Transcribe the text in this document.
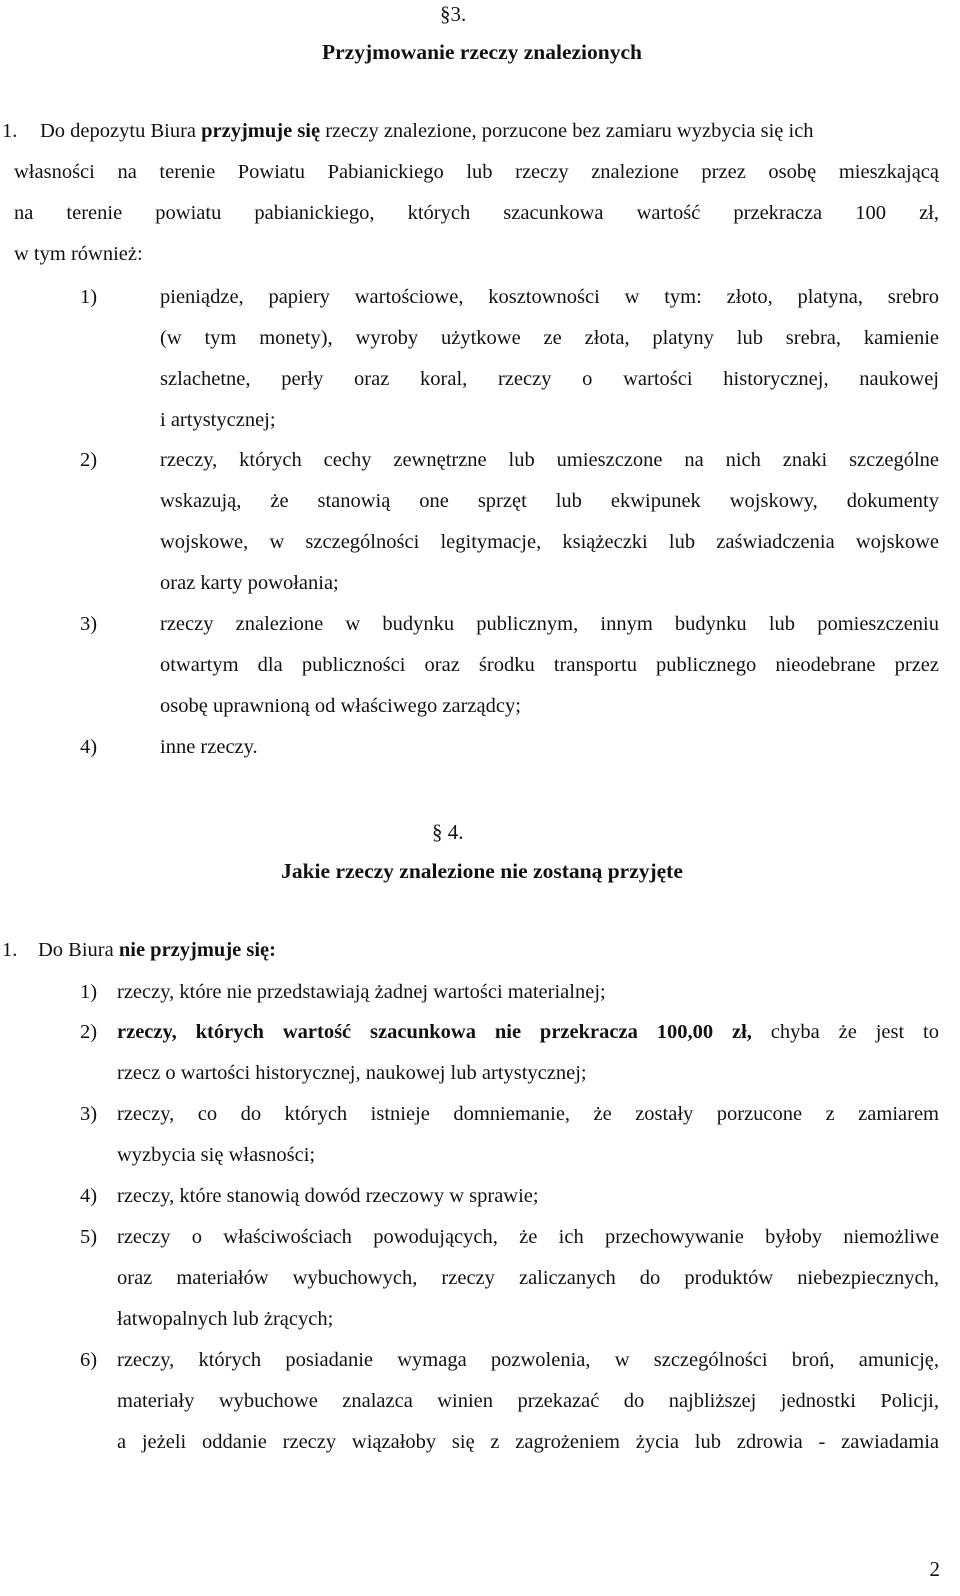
§3.
Przyjmowanie rzeczy znalezionych
1. Do depozytu Biura przyjmuje się rzeczy znalezione, porzucone bez zamiaru wyzbycia się ich
własności na terenie Powiatu Pabianickiego lub rzeczy znalezione przez osobę mieszkającą
na terenie powiatu pabianickiego, których szacunkowa wartość przekracza 100 zł,
w tym również:
1)	pieniądze, papiery wartościowe, kosztowności w tym: złoto, platyna, srebro
(w tym monety), wyroby użytkowe ze złota, platyny lub srebra, kamienie
szlachetne, perły oraz koral, rzeczy o wartości historycznej, naukowej
i artystycznej;
2)	rzeczy, których cechy zewnętrzne lub umieszczone na nich znaki szczególne
wskazują, że stanowią one sprzęt lub ekwipunek wojskowy, dokumenty
wojskowe, w szczególności legitymacje, książeczki lub zaświadczenia wojskowe
oraz karty powołania;
3)	rzeczy znalezione w budynku publicznym, innym budynku lub pomieszczeniu
otwartym dla publiczności oraz środku transportu publicznego nieodebrane przez
osobę uprawnioną od właściwego zarządcy;
4)	inne rzeczy.
§ 4.
Jakie rzeczy znalezione nie zostaną przyjęte
1. Do Biura nie przyjmuje się:
1) rzeczy, które nie przedstawiają żadnej wartości materialnej;
2) rzeczy, których wartość szacunkowa nie przekracza 100,00 zł, chyba że jest to
rzecz o wartości historycznej, naukowej lub artystycznej;
3) rzeczy, co do których istnieje domniemanie, że zostały porzucone z zamiarem
wyzbycia się własności;
4) rzeczy, które stanowią dowód rzeczowy w sprawie;
5) rzeczy o właściwościach powodujących, że ich przechowywanie byłoby niemożliwe
oraz materiałów wybuchowych, rzeczy zaliczanych do produktów niebezpiecznych,
łatwopalnych lub żrących;
6) rzeczy, których posiadanie wymaga pozwolenia, w szczególności broń, amunicję,
materiały wybuchowe znalazca winien przekazać do najbliższej jednostki Policji,
a jeżeli oddanie rzeczy wiązałoby się z zagrożeniem życia lub zdrowia - zawiadamia
2
